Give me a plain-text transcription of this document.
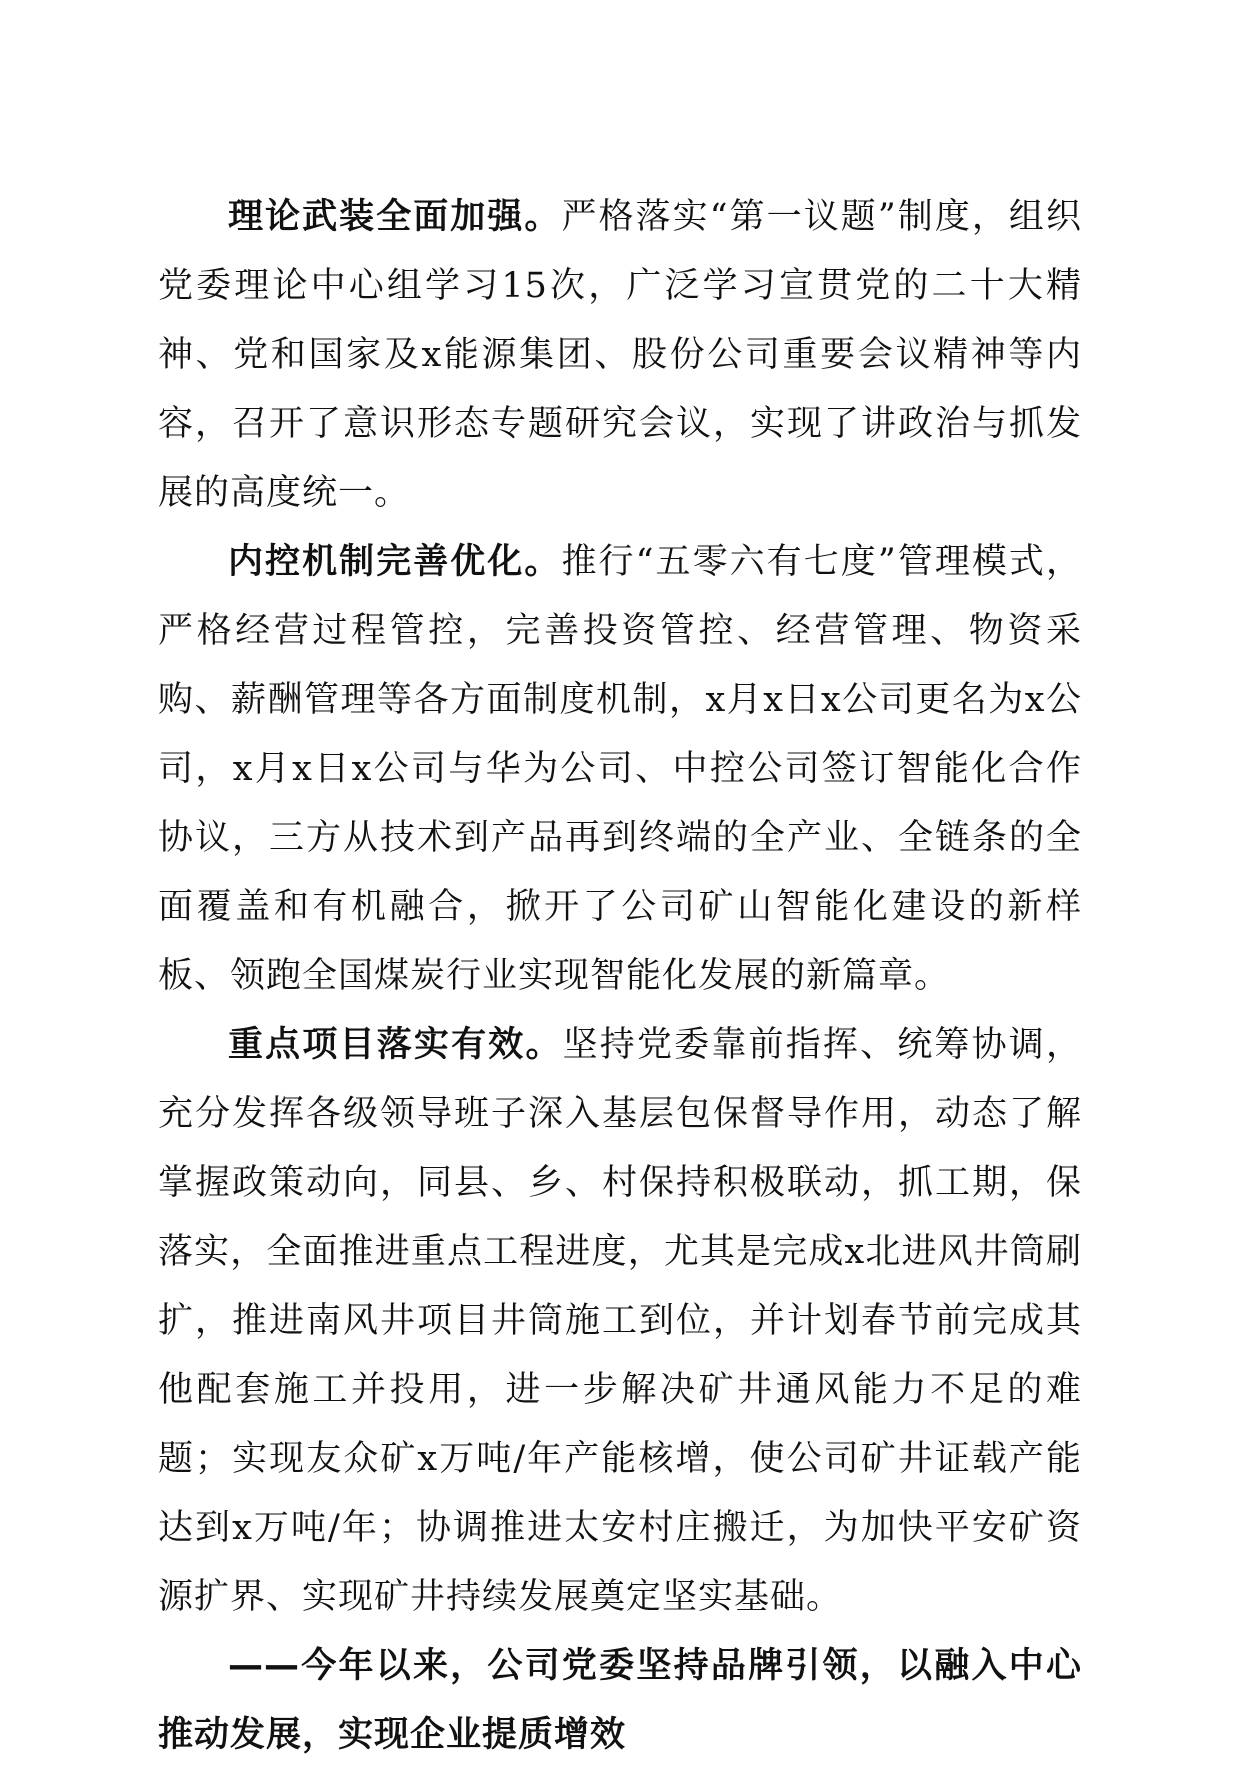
理论武装全面加强。严格落实“第一议题”制度，组织党委理论中心组学习15次，广泛学习宣贯党的二十大精神、党和国家及x能源集团、股份公司重要会议精神等内容，召开了意识形态专题研究会议，实现了讲政治与抓发展的高度统一。

内控机制完善优化。推行“五零六有七度”管理模式，严格经营过程管控，完善投资管控、经营管理、物资采购、薪酬管理等各方面制度机制，x月x日x公司更名为x公司，x月x日x公司与华为公司、中控公司签订智能化合作协议，三方从技术到产品再到终端的全产业、全链条的全面覆盖和有机融合，掀开了公司矿山智能化建设的新样板、领跑全国煤炭行业实现智能化发展的新篇章。

重点项目落实有效。坚持党委靠前指挥、统筹协调，充分发挥各级领导班子深入基层包保督导作用，动态了解掌握政策动向，同县、乡、村保持积极联动，抓工期，保落实，全面推进重点工程进度，尤其是完成x北进风井筒刷扩，推进南风井项目井筒施工到位，并计划春节前完成其他配套施工并投用，进一步解决矿井通风能力不足的难题；实现友众矿x万吨/年产能核增，使公司矿井证载产能达到x万吨/年；协调推进太安村庄搬迁，为加快平安矿资源扩界、实现矿井持续发展奠定坚实基础。

——今年以来，公司党委坚持品牌引领，以融入中心推动发展，实现企业提质增效
